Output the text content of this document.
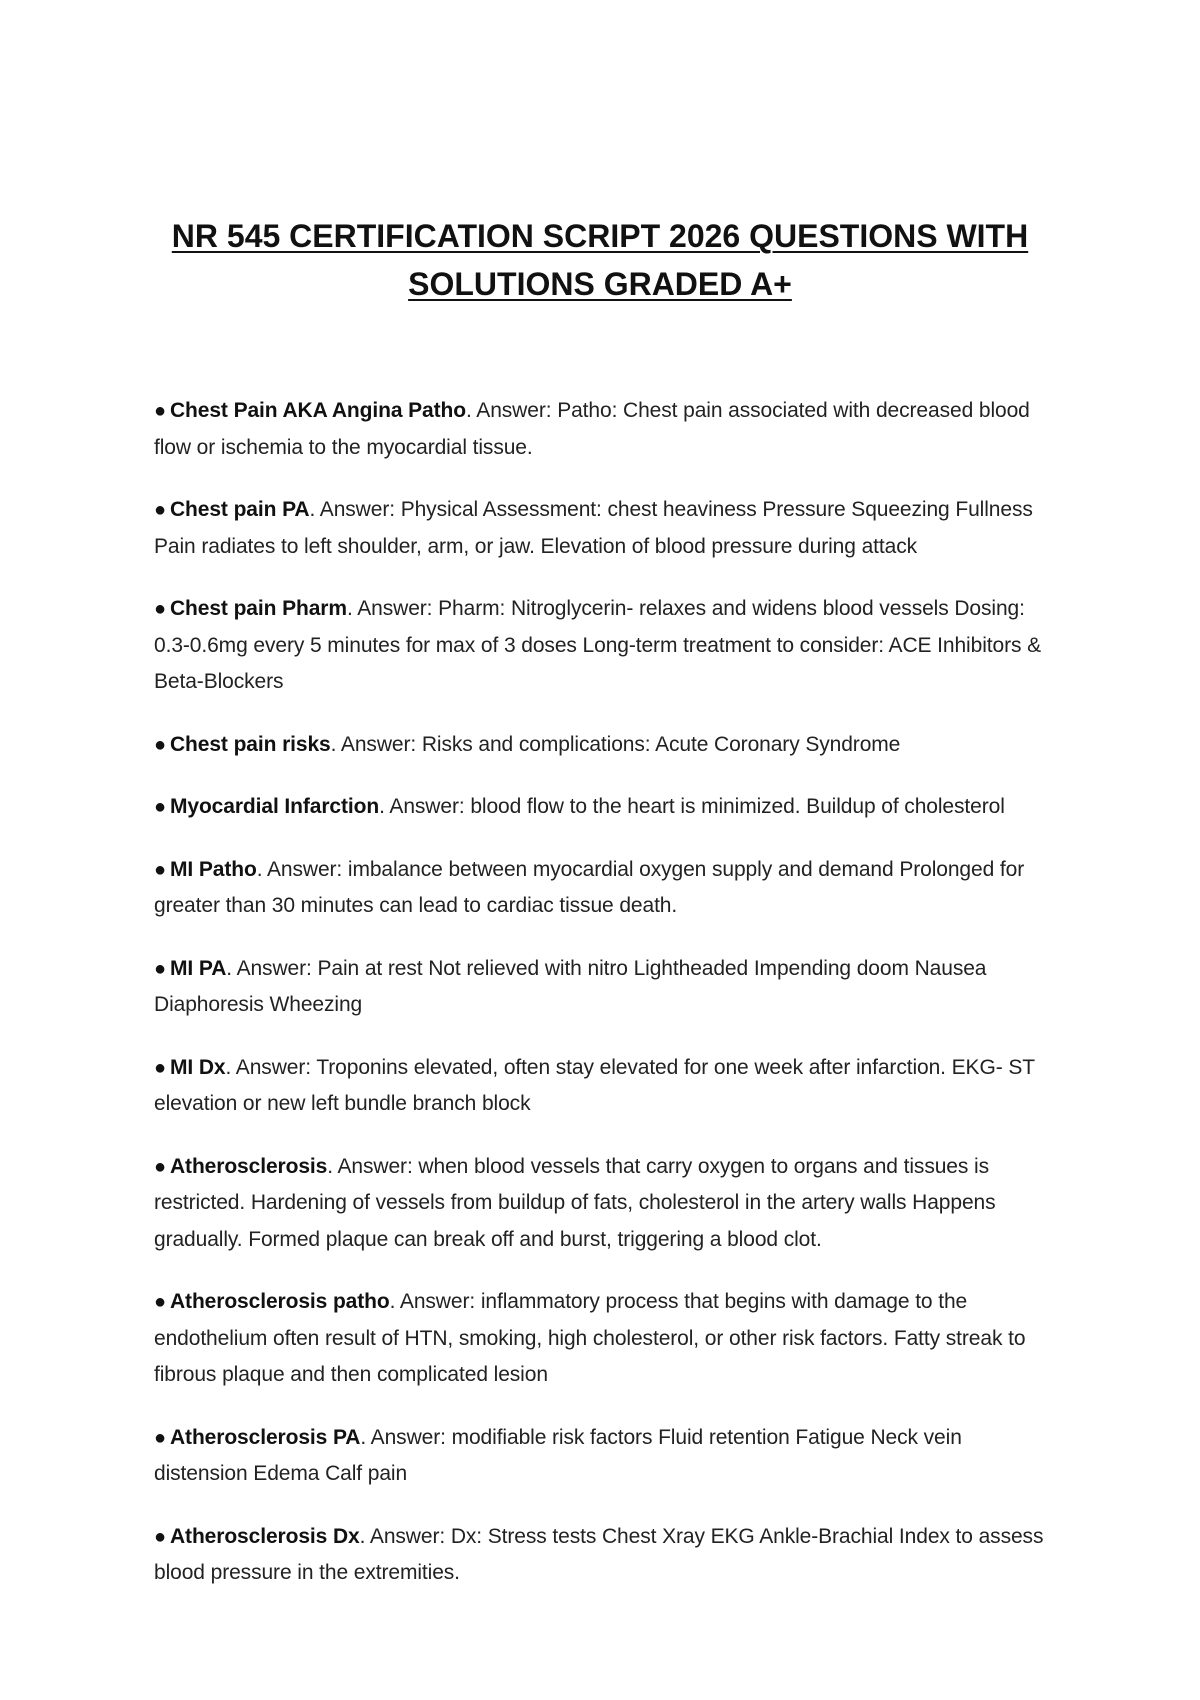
NR 545 CERTIFICATION SCRIPT 2026 QUESTIONS WITH SOLUTIONS GRADED A+
● Chest Pain AKA Angina Patho. Answer: Patho: Chest pain associated with decreased blood flow or ischemia to the myocardial tissue.
● Chest pain PA. Answer: Physical Assessment: chest heaviness Pressure Squeezing Fullness Pain radiates to left shoulder, arm, or jaw. Elevation of blood pressure during attack
● Chest pain Pharm. Answer: Pharm: Nitroglycerin- relaxes and widens blood vessels Dosing: 0.3-0.6mg every 5 minutes for max of 3 doses Long-term treatment to consider: ACE Inhibitors & Beta-Blockers
● Chest pain risks. Answer: Risks and complications: Acute Coronary Syndrome
● Myocardial Infarction. Answer: blood flow to the heart is minimized. Buildup of cholesterol
● MI Patho. Answer: imbalance between myocardial oxygen supply and demand Prolonged for greater than 30 minutes can lead to cardiac tissue death.
● MI PA. Answer: Pain at rest Not relieved with nitro Lightheaded Impending doom Nausea Diaphoresis Wheezing
● MI Dx. Answer: Troponins elevated, often stay elevated for one week after infarction. EKG- ST elevation or new left bundle branch block
● Atherosclerosis. Answer: when blood vessels that carry oxygen to organs and tissues is restricted. Hardening of vessels from buildup of fats, cholesterol in the artery walls Happens gradually. Formed plaque can break off and burst, triggering a blood clot.
● Atherosclerosis patho. Answer: inflammatory process that begins with damage to the endothelium often result of HTN, smoking, high cholesterol, or other risk factors. Fatty streak to fibrous plaque and then complicated lesion
● Atherosclerosis PA. Answer: modifiable risk factors Fluid retention Fatigue Neck vein distension Edema Calf pain
● Atherosclerosis Dx. Answer: Dx: Stress tests Chest Xray EKG Ankle-Brachial Index to assess blood pressure in the extremities.
